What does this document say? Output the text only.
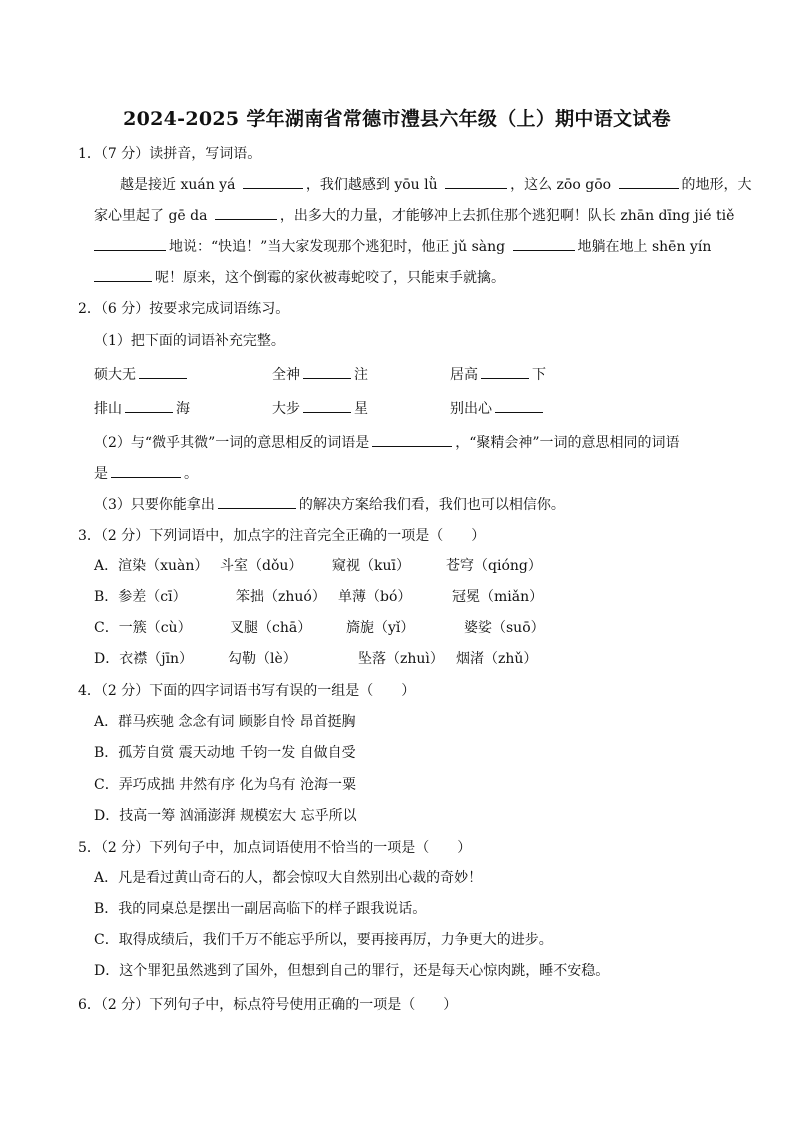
2024-2025 学年湖南省常德市澧县六年级（上）期中语文试卷
1．（7 分）读拼音，写词语。
越是接近 xuán yá	，我们越感到 yōu lǜ	，这么 zōo gōo	的地形，大
家心里起了 gē da	，出多大的力量，才能够冲上去抓住那个逃犯啊！队长 zhān dīng jié tiě
地说：“快追！”当大家发现那个逃犯时，他正 jǔ sàng	地躺在地上 shēn yín
呢！原来，这个倒霉的家伙被毒蛇咬了，只能束手就擒。
2．（6 分）按要求完成词语练习。
（1）把下面的词语补充完整。
硕大无	全神	注	居高	下
排山	海	大步	星	别出心
（2）与“微乎其微”一词的意思相反的词语是	，“聚精会神”一词的意思相同的词语
是	。
（3）只要你能拿出	的解决方案给我们看，我们也可以相信你。
3．（2 分）下列词语中，加点字的注音完全正确的一项是（　　）
A．渲染（xuàn） 斗室（dǒu） 窥视（kuī）	苍穹（qióng）
B．参差（cī）	笨拙（zhuó） 单薄（bó）	冠冕（miǎn）
C．一簇（cù）	叉腿（chā） 旖旎（yǐ）	婆娑（suō）
D．衣襟（jīn） 勾勒（lè）	坠落（zhuì） 烟渚（zhǔ）
4．（2 分）下面的四字词语书写有误的一组是（　　）
A．群马疾驰 念念有词 顾影自怜 昂首挺胸
B．孤芳自赏 震天动地 千钧一发 自做自受
C．弄巧成拙 井然有序 化为乌有 沧海一粟
D．技高一筹 汹涌澎湃 规模宏大 忘乎所以
5．（2 分）下列句子中，加点词语使用不恰当的一项是（　　）
A．凡是看过黄山奇石的人，都会惊叹大自然别出心裁的奇妙！
B．我的同桌总是摆出一副居高临下的样子跟我说话。
C．取得成绩后，我们千万不能忘乎所以，要再接再厉，力争更大的进步。
D．这个罪犯虽然逃到了国外，但想到自己的罪行，还是每天心惊肉跳，睡不安稳。
6．（2 分）下列句子中，标点符号使用正确的一项是（　　）
